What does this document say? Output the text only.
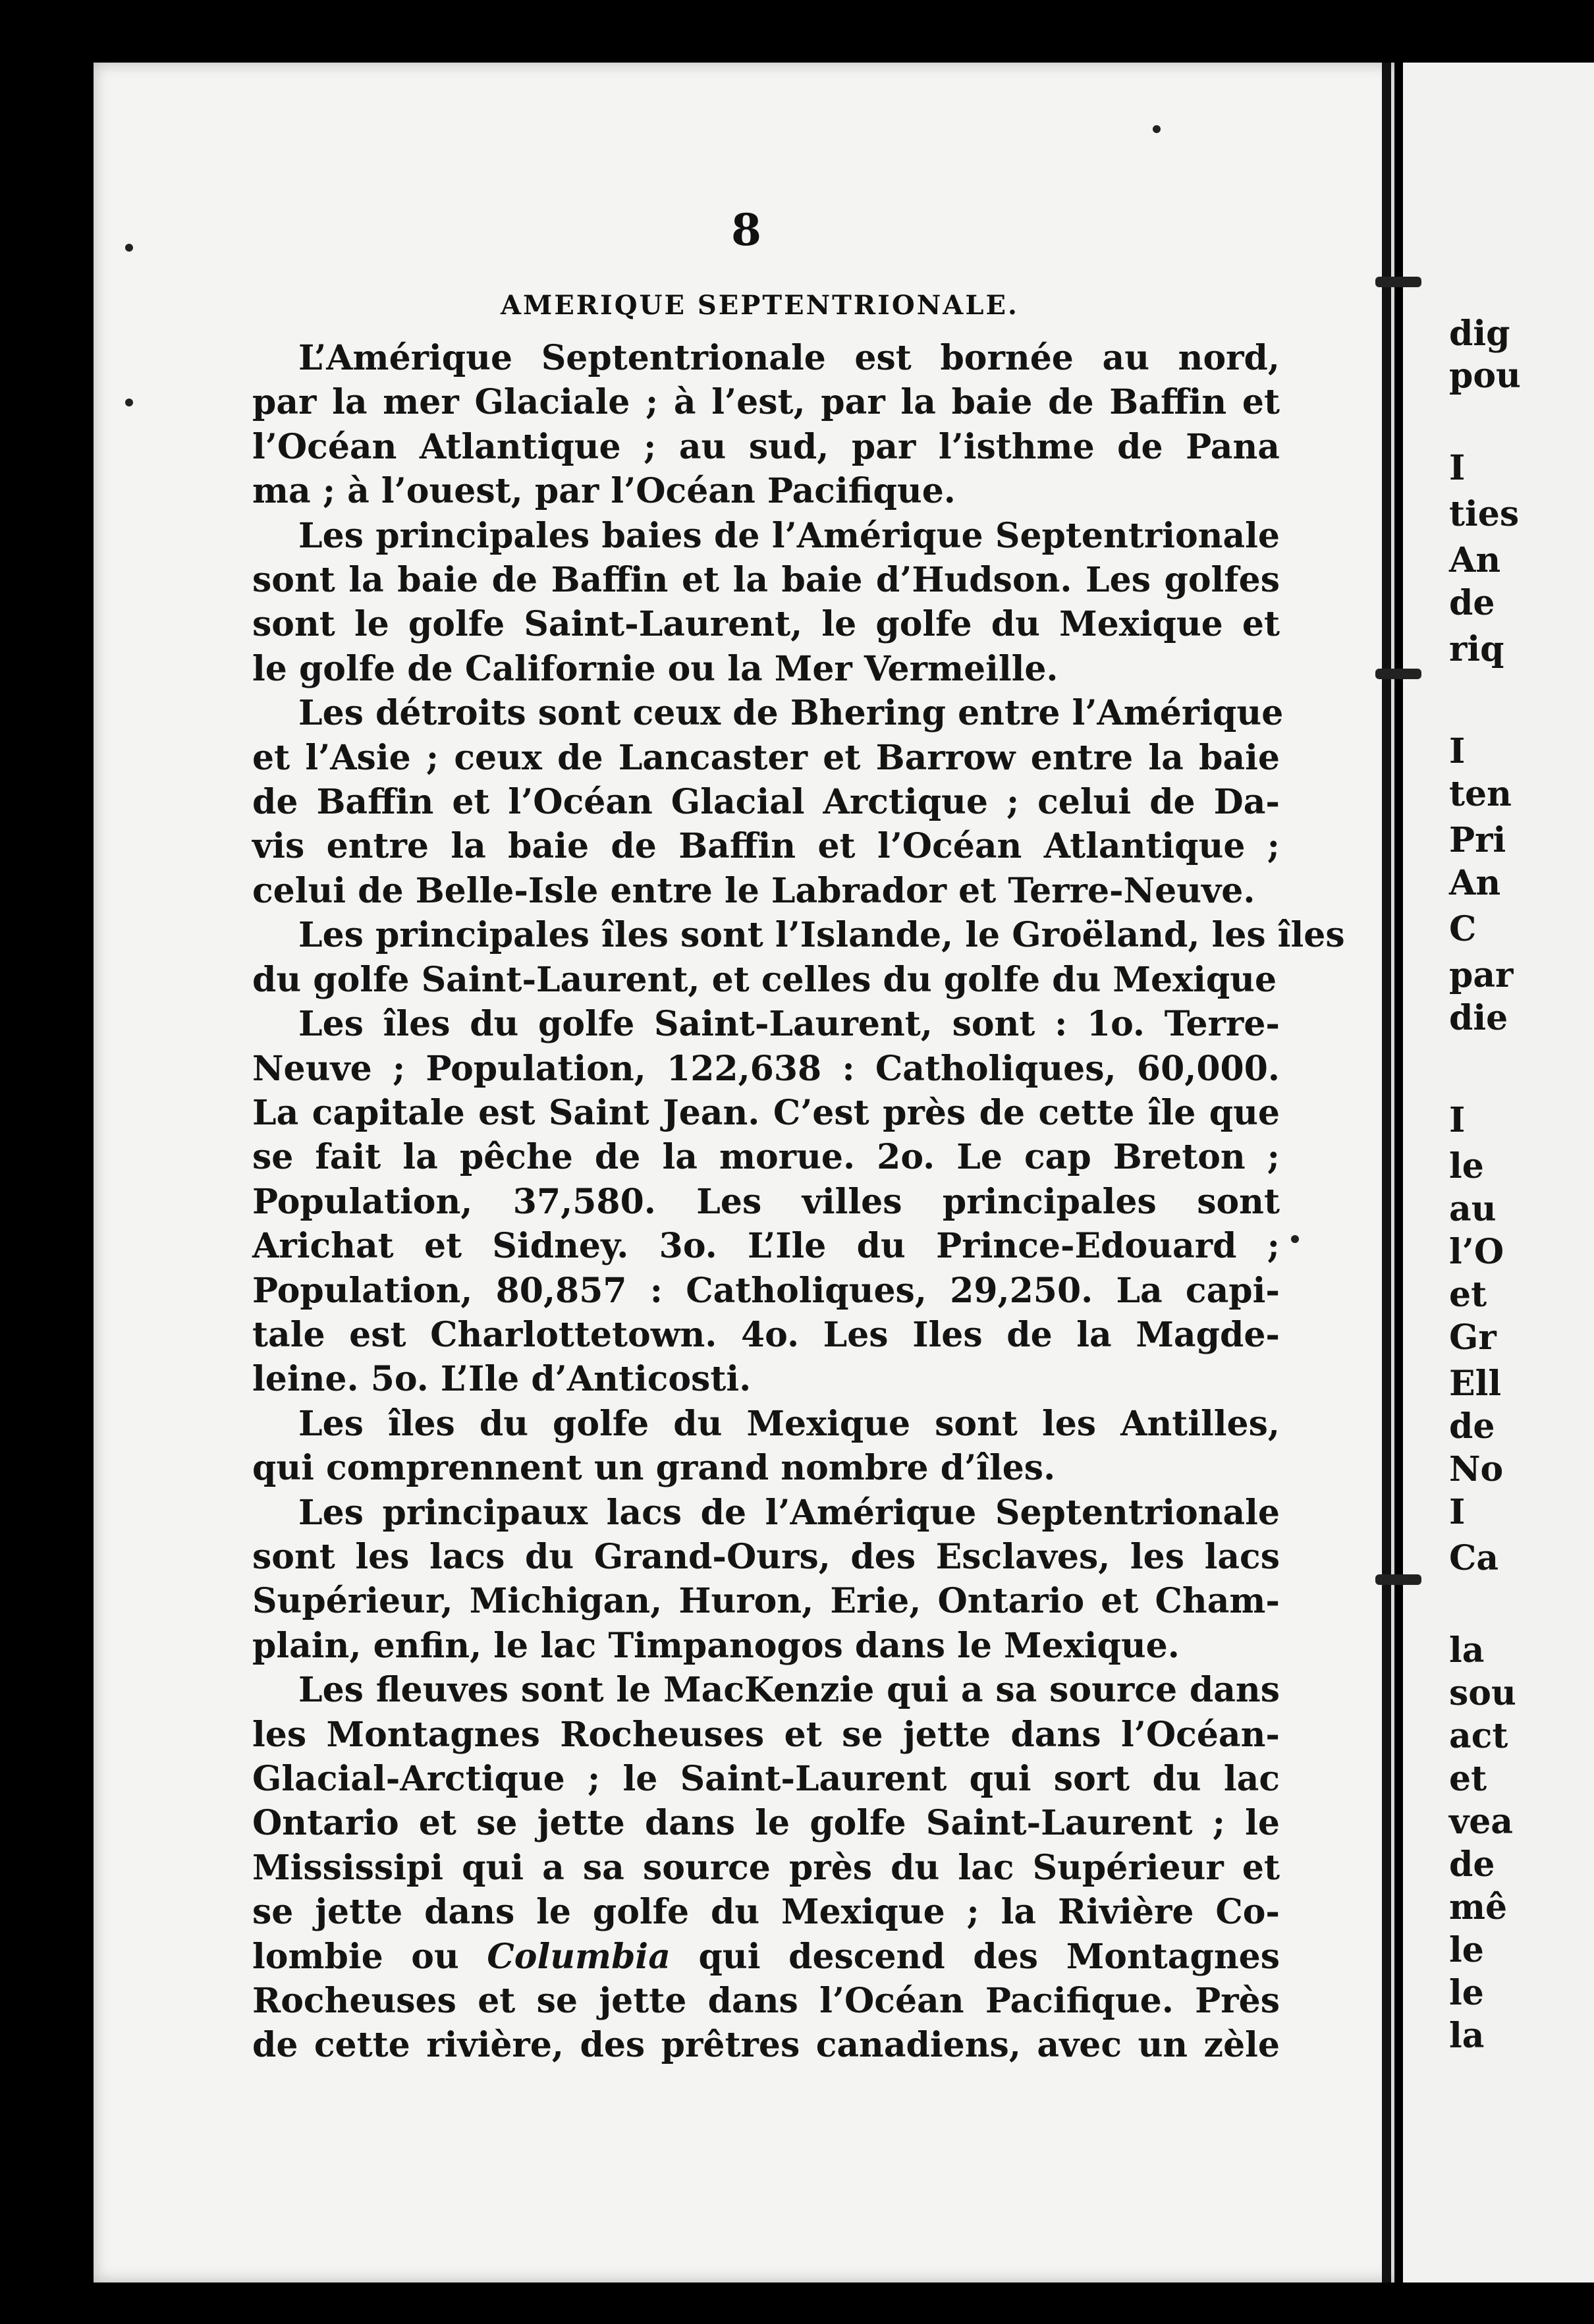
8
AMERIQUE SEPTENTRIONALE.
L’Amérique Septentrionale est bornée au nord,
par la mer Glaciale ; à l’est, par la baie de Baffin et
l’Océan Atlantique ; au sud, par l’isthme de Pana
ma ; à l’ouest, par l’Océan Pacifique.
Les principales baies de l’Amérique Septentrionale
sont la baie de Baffin et la baie d’Hudson. Les golfes
sont le golfe Saint-Laurent, le golfe du Mexique et
le golfe de Californie ou la Mer Vermeille.
Les détroits sont ceux de Bhering entre l’Amérique
et l’Asie ; ceux de Lancaster et Barrow entre la baie
de Baffin et l’Océan Glacial Arctique ; celui de Da-
vis entre la baie de Baffin et l’Océan Atlantique ;
celui de Belle-Isle entre le Labrador et Terre-Neuve.
Les principales îles sont l’Islande, le Groëland, les îles
du golfe Saint-Laurent, et celles du golfe du Mexique
Les îles du golfe Saint-Laurent, sont : 1o. Terre-
Neuve ; Population, 122,638 : Catholiques, 60,000.
La capitale est Saint Jean. C’est près de cette île que
se fait la pêche de la morue. 2o. Le cap Breton ;
Population, 37,580. Les villes principales sont
Arichat et Sidney. 3o. L’Ile du Prince-Edouard ;
Population, 80,857 : Catholiques, 29,250. La capi-
tale est Charlottetown. 4o. Les Iles de la Magde-
leine. 5o. L’Ile d’Anticosti.
Les îles du golfe du Mexique sont les Antilles,
qui comprennent un grand nombre d’îles.
Les principaux lacs de l’Amérique Septentrionale
sont les lacs du Grand-Ours, des Esclaves, les lacs
Supérieur, Michigan, Huron, Erie, Ontario et Cham-
plain, enfin, le lac Timpanogos dans le Mexique.
Les fleuves sont le MacKenzie qui a sa source dans
les Montagnes Rocheuses et se jette dans l’Océan-
Glacial-Arctique ; le Saint-Laurent qui sort du lac
Ontario et se jette dans le golfe Saint-Laurent ; le
Mississipi qui a sa source près du lac Supérieur et
se jette dans le golfe du Mexique ; la Rivière Co-
lombie ou Columbia qui descend des Montagnes
Rocheuses et se jette dans l’Océan Pacifique. Près
de cette rivière, des prêtres canadiens, avec un zèle
dig
pou
I
ties
An
de
riq
I
ten
Pri
An
C
par
die
I
le
au
l’O
et
Gr
Ell
de
No
I
Ca
la
sou
act
et
vea
de
mê
le
le
la
